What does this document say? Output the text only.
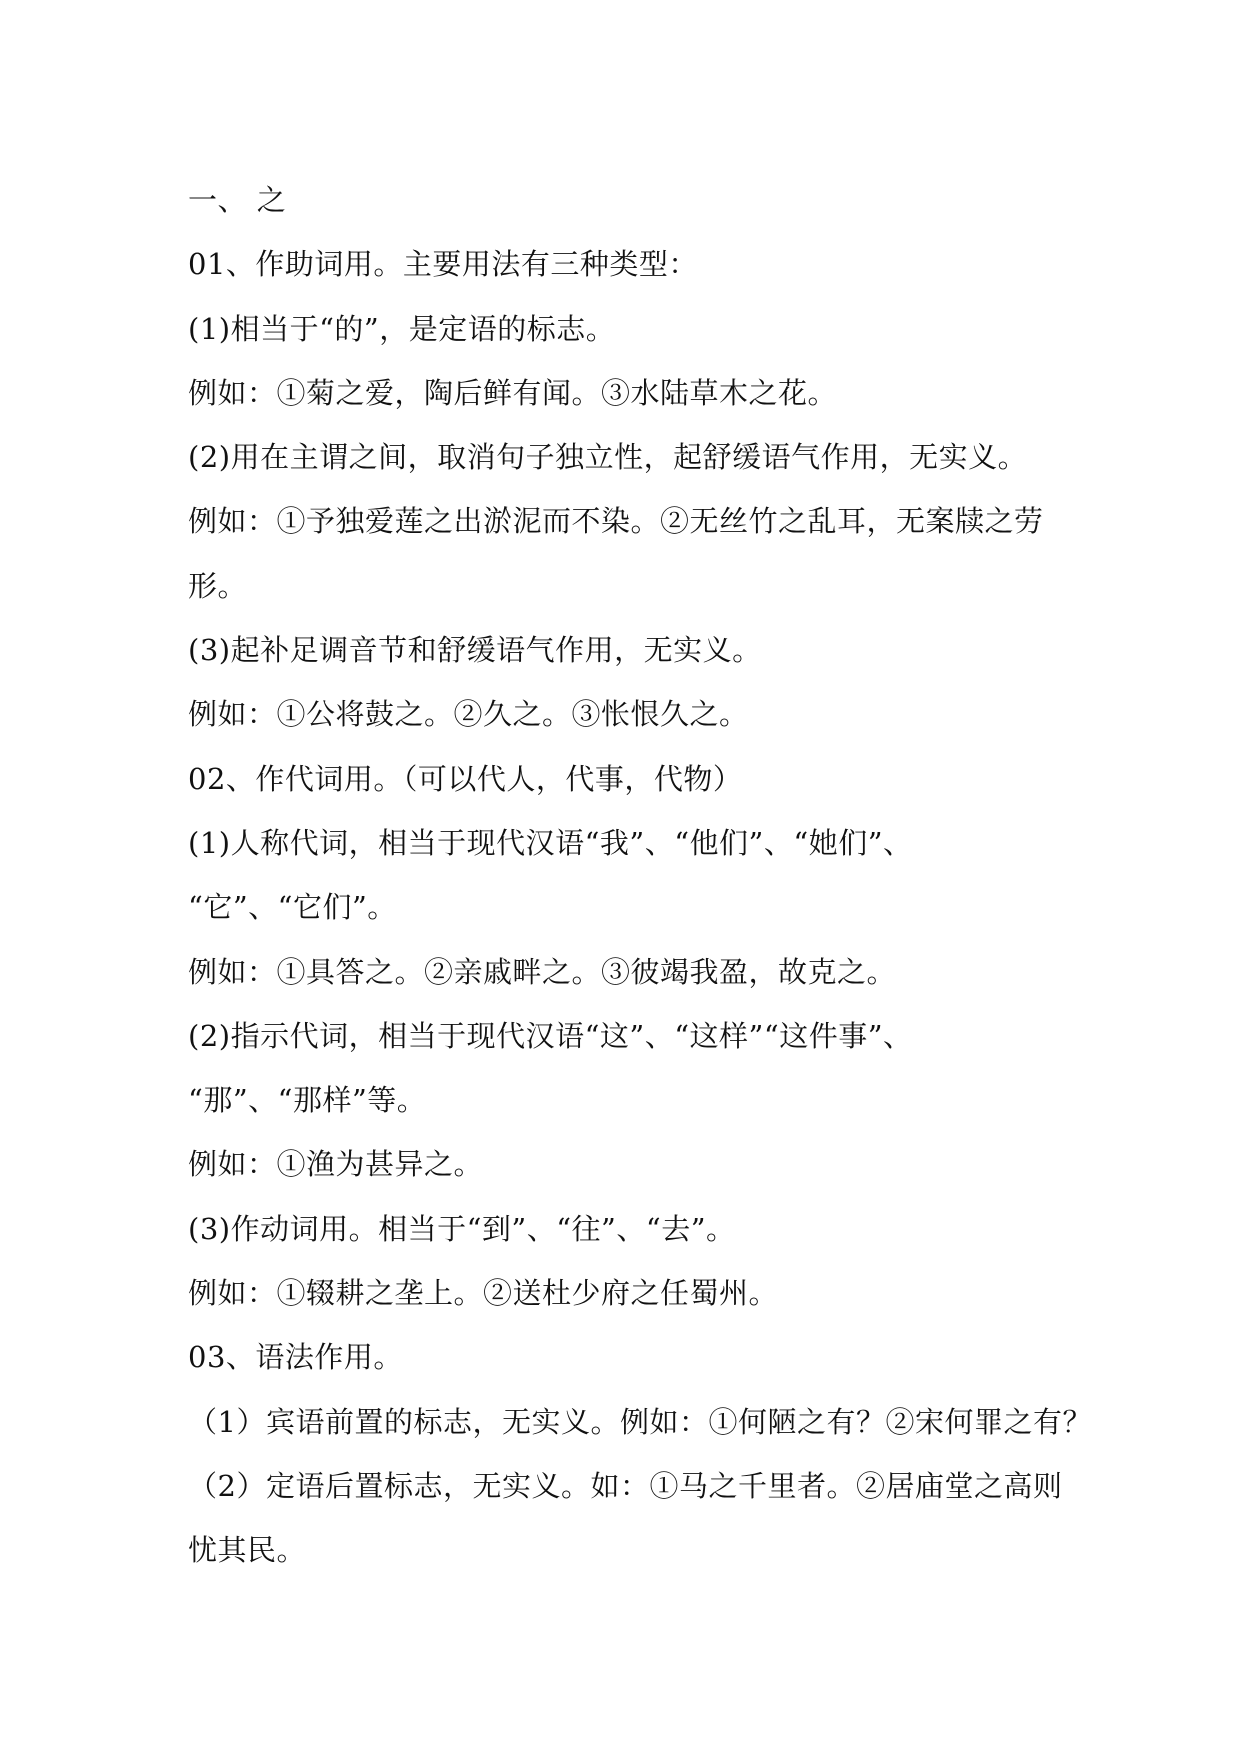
一、 之
01、作助词用。主要用法有三种类型：
(1)相当于“的”，是定语的标志。
例如：①菊之爱，陶后鲜有闻。③水陆草木之花。
(2)用在主谓之间，取消句子独立性，起舒缓语气作用，无实义。
例如：①予独爱莲之出淤泥而不染。②无丝竹之乱耳，无案牍之劳
形。
(3)起补足调音节和舒缓语气作用，无实义。
例如：①公将鼓之。②久之。③怅恨久之。
02、作代词用。（可以代人，代事，代物）
(1)人称代词，相当于现代汉语“我”、“他们”、“她们”、
“它”、“它们”。
例如：①具答之。②亲戚畔之。③彼竭我盈，故克之。
(2)指示代词，相当于现代汉语“这”、“这样”“这件事”、
“那”、“那样”等。
例如：①渔为甚异之。
(3)作动词用。相当于“到”、“往”、“去”。
例如：①辍耕之垄上。②送杜少府之任蜀州。
03、语法作用。
（1）宾语前置的标志，无实义。例如：①何陋之有？②宋何罪之有？
（2）定语后置标志，无实义。如：①马之千里者。②居庙堂之高则
忧其民。
